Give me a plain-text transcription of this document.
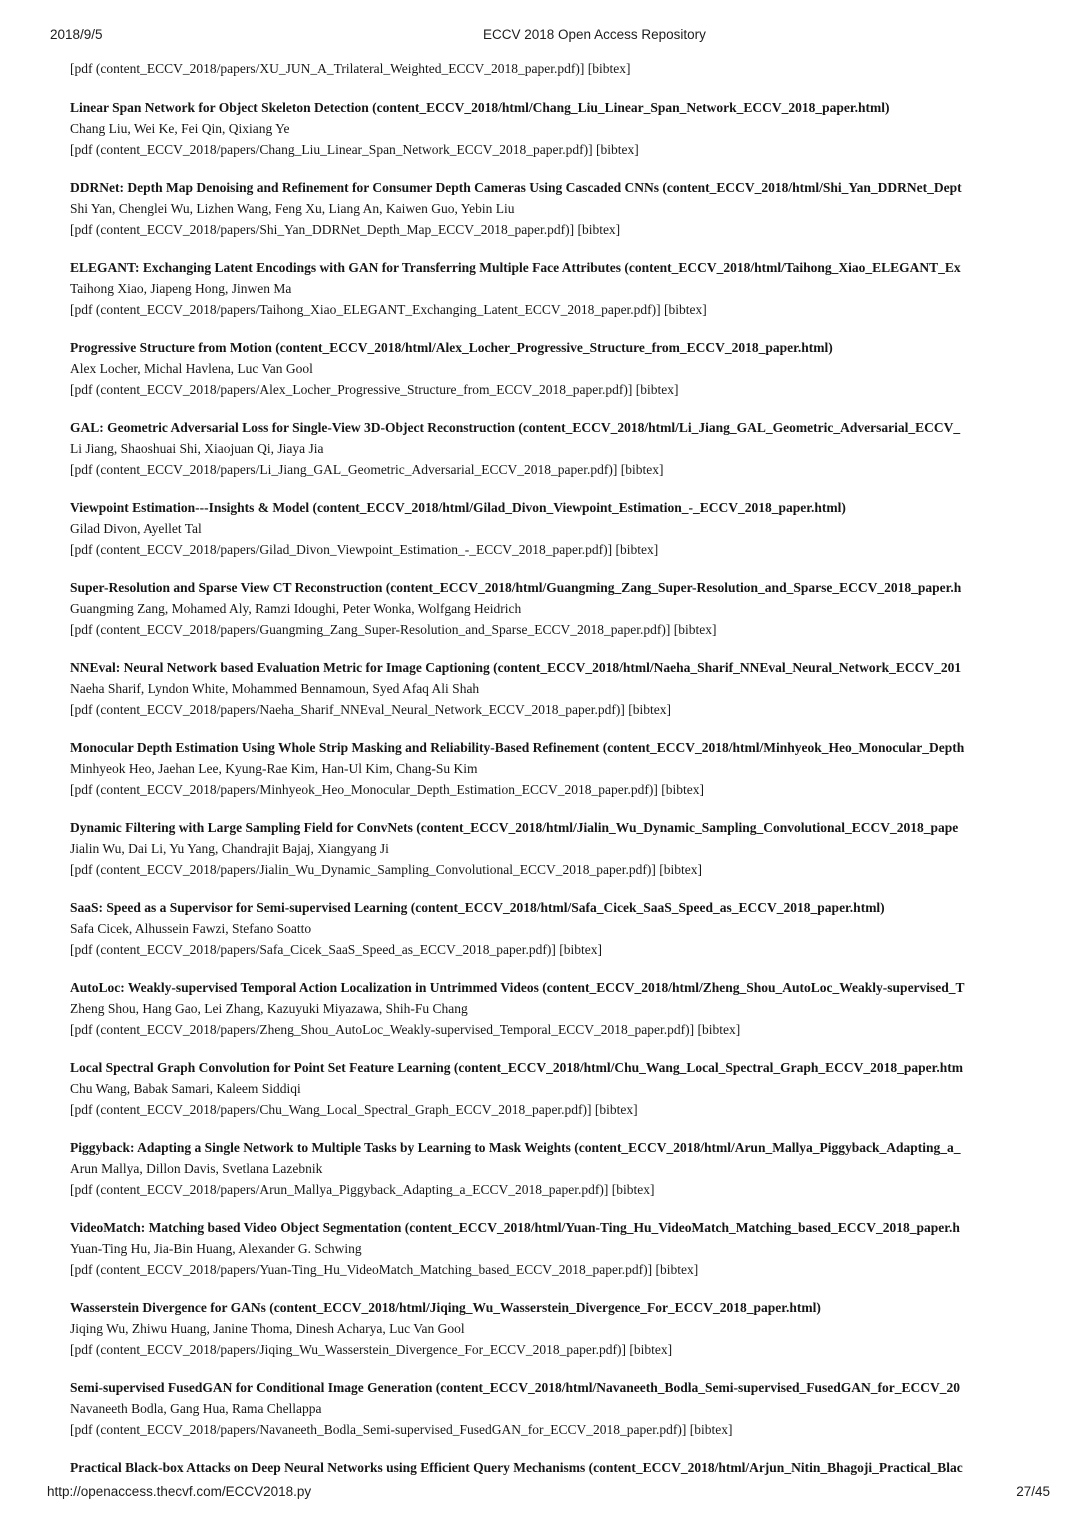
2018/9/5	ECCV 2018 Open Access Repository
[pdf (content_ECCV_2018/papers/XU_JUN_A_Trilateral_Weighted_ECCV_2018_paper.pdf)] [bibtex]
Linear Span Network for Object Skeleton Detection (content_ECCV_2018/html/Chang_Liu_Linear_Span_Network_ECCV_2018_paper.html)
Chang Liu, Wei Ke, Fei Qin, Qixiang Ye
[pdf (content_ECCV_2018/papers/Chang_Liu_Linear_Span_Network_ECCV_2018_paper.pdf)] [bibtex]
DDRNet: Depth Map Denoising and Refinement for Consumer Depth Cameras Using Cascaded CNNs (content_ECCV_2018/html/Shi_Yan_DDRNet_Dept
Shi Yan, Chenglei Wu, Lizhen Wang, Feng Xu, Liang An, Kaiwen Guo, Yebin Liu
[pdf (content_ECCV_2018/papers/Shi_Yan_DDRNet_Depth_Map_ECCV_2018_paper.pdf)] [bibtex]
ELEGANT: Exchanging Latent Encodings with GAN for Transferring Multiple Face Attributes (content_ECCV_2018/html/Taihong_Xiao_ELEGANT_Ex
Taihong Xiao, Jiapeng Hong, Jinwen Ma
[pdf (content_ECCV_2018/papers/Taihong_Xiao_ELEGANT_Exchanging_Latent_ECCV_2018_paper.pdf)] [bibtex]
Progressive Structure from Motion (content_ECCV_2018/html/Alex_Locher_Progressive_Structure_from_ECCV_2018_paper.html)
Alex Locher, Michal Havlena, Luc Van Gool
[pdf (content_ECCV_2018/papers/Alex_Locher_Progressive_Structure_from_ECCV_2018_paper.pdf)] [bibtex]
GAL: Geometric Adversarial Loss for Single-View 3D-Object Reconstruction (content_ECCV_2018/html/Li_Jiang_GAL_Geometric_Adversarial_ECCV_
Li Jiang, Shaoshuai Shi, Xiaojuan Qi, Jiaya Jia
[pdf (content_ECCV_2018/papers/Li_Jiang_GAL_Geometric_Adversarial_ECCV_2018_paper.pdf)] [bibtex]
Viewpoint Estimation---Insights & Model (content_ECCV_2018/html/Gilad_Divon_Viewpoint_Estimation_-_ECCV_2018_paper.html)
Gilad Divon, Ayellet Tal
[pdf (content_ECCV_2018/papers/Gilad_Divon_Viewpoint_Estimation_-_ECCV_2018_paper.pdf)] [bibtex]
Super-Resolution and Sparse View CT Reconstruction (content_ECCV_2018/html/Guangming_Zang_Super-Resolution_and_Sparse_ECCV_2018_paper.h
Guangming Zang, Mohamed Aly, Ramzi Idoughi, Peter Wonka, Wolfgang Heidrich
[pdf (content_ECCV_2018/papers/Guangming_Zang_Super-Resolution_and_Sparse_ECCV_2018_paper.pdf)] [bibtex]
NNEval: Neural Network based Evaluation Metric for Image Captioning (content_ECCV_2018/html/Naeha_Sharif_NNEval_Neural_Network_ECCV_201
Naeha Sharif, Lyndon White, Mohammed Bennamoun, Syed Afaq Ali Shah
[pdf (content_ECCV_2018/papers/Naeha_Sharif_NNEval_Neural_Network_ECCV_2018_paper.pdf)] [bibtex]
Monocular Depth Estimation Using Whole Strip Masking and Reliability-Based Refinement (content_ECCV_2018/html/Minhyeok_Heo_Monocular_Depth
Minhyeok Heo, Jaehan Lee, Kyung-Rae Kim, Han-Ul Kim, Chang-Su Kim
[pdf (content_ECCV_2018/papers/Minhyeok_Heo_Monocular_Depth_Estimation_ECCV_2018_paper.pdf)] [bibtex]
Dynamic Filtering with Large Sampling Field for ConvNets (content_ECCV_2018/html/Jialin_Wu_Dynamic_Sampling_Convolutional_ECCV_2018_pape
Jialin Wu, Dai Li, Yu Yang, Chandrajit Bajaj, Xiangyang Ji
[pdf (content_ECCV_2018/papers/Jialin_Wu_Dynamic_Sampling_Convolutional_ECCV_2018_paper.pdf)] [bibtex]
SaaS: Speed as a Supervisor for Semi-supervised Learning (content_ECCV_2018/html/Safa_Cicek_SaaS_Speed_as_ECCV_2018_paper.html)
Safa Cicek, Alhussein Fawzi, Stefano Soatto
[pdf (content_ECCV_2018/papers/Safa_Cicek_SaaS_Speed_as_ECCV_2018_paper.pdf)] [bibtex]
AutoLoc: Weakly-supervised Temporal Action Localization in Untrimmed Videos (content_ECCV_2018/html/Zheng_Shou_AutoLoc_Weakly-supervised_T
Zheng Shou, Hang Gao, Lei Zhang, Kazuyuki Miyazawa, Shih-Fu Chang
[pdf (content_ECCV_2018/papers/Zheng_Shou_AutoLoc_Weakly-supervised_Temporal_ECCV_2018_paper.pdf)] [bibtex]
Local Spectral Graph Convolution for Point Set Feature Learning (content_ECCV_2018/html/Chu_Wang_Local_Spectral_Graph_ECCV_2018_paper.htm
Chu Wang, Babak Samari, Kaleem Siddiqi
[pdf (content_ECCV_2018/papers/Chu_Wang_Local_Spectral_Graph_ECCV_2018_paper.pdf)] [bibtex]
Piggyback: Adapting a Single Network to Multiple Tasks by Learning to Mask Weights (content_ECCV_2018/html/Arun_Mallya_Piggyback_Adapting_a_
Arun Mallya, Dillon Davis, Svetlana Lazebnik
[pdf (content_ECCV_2018/papers/Arun_Mallya_Piggyback_Adapting_a_ECCV_2018_paper.pdf)] [bibtex]
VideoMatch: Matching based Video Object Segmentation (content_ECCV_2018/html/Yuan-Ting_Hu_VideoMatch_Matching_based_ECCV_2018_paper.h
Yuan-Ting Hu, Jia-Bin Huang, Alexander G. Schwing
[pdf (content_ECCV_2018/papers/Yuan-Ting_Hu_VideoMatch_Matching_based_ECCV_2018_paper.pdf)] [bibtex]
Wasserstein Divergence for GANs (content_ECCV_2018/html/Jiqing_Wu_Wasserstein_Divergence_For_ECCV_2018_paper.html)
Jiqing Wu, Zhiwu Huang, Janine Thoma, Dinesh Acharya, Luc Van Gool
[pdf (content_ECCV_2018/papers/Jiqing_Wu_Wasserstein_Divergence_For_ECCV_2018_paper.pdf)] [bibtex]
Semi-supervised FusedGAN for Conditional Image Generation (content_ECCV_2018/html/Navaneeth_Bodla_Semi-supervised_FusedGAN_for_ECCV_20
Navaneeth Bodla, Gang Hua, Rama Chellappa
[pdf (content_ECCV_2018/papers/Navaneeth_Bodla_Semi-supervised_FusedGAN_for_ECCV_2018_paper.pdf)] [bibtex]
Practical Black-box Attacks on Deep Neural Networks using Efficient Query Mechanisms (content_ECCV_2018/html/Arjun_Nitin_Bhagoji_Practical_Blac
http://openaccess.thecvf.com/ECCV2018.py	27/45
